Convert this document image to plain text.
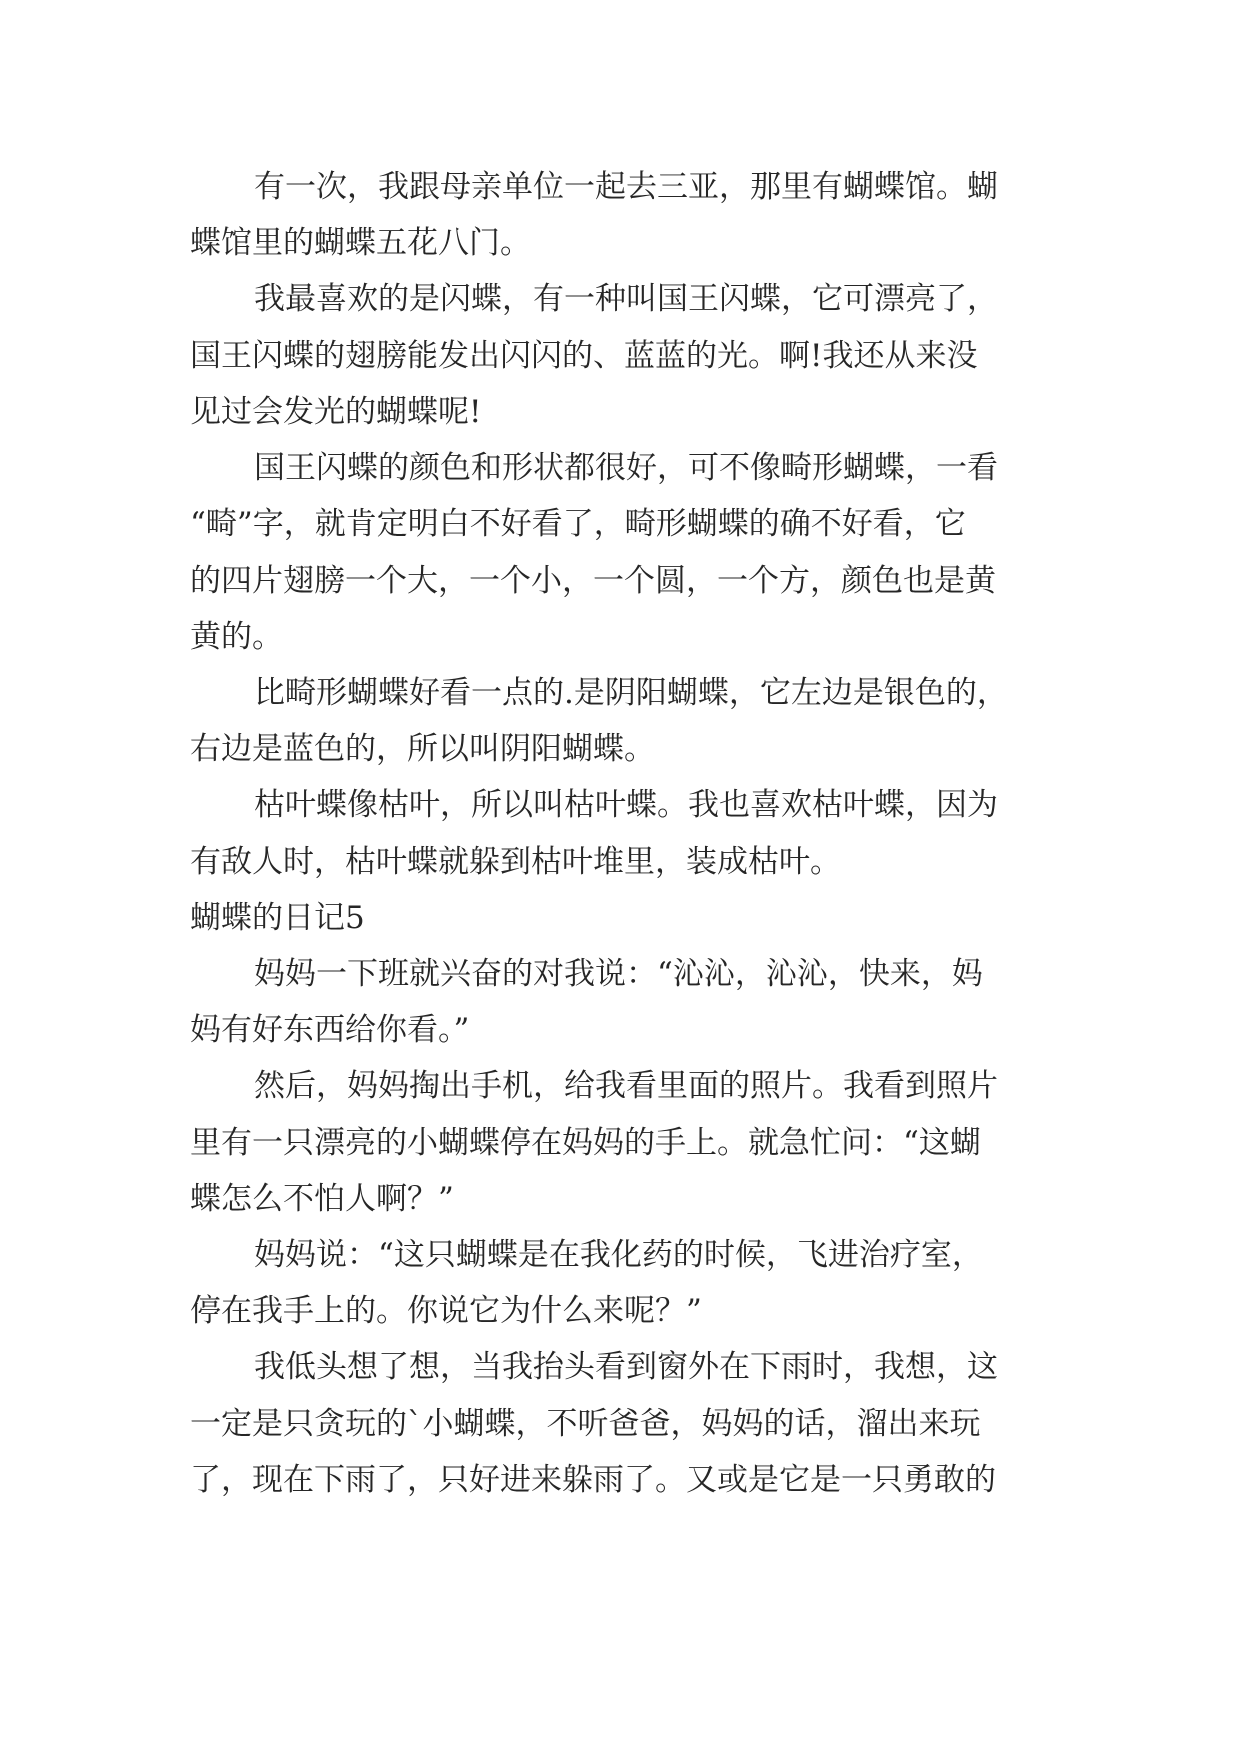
有一次，我跟母亲单位一起去三亚，那里有蝴蝶馆。蝴

蝶馆里的蝴蝶五花八门。

我最喜欢的是闪蝶，有一种叫国王闪蝶，它可漂亮了，

国王闪蝶的翅膀能发出闪闪的、蓝蓝的光。啊!我还从来没

见过会发光的蝴蝶呢!

国王闪蝶的颜色和形状都很好，可不像畸形蝴蝶，一看

“畸”字，就肯定明白不好看了，畸形蝴蝶的确不好看，它

的四片翅膀一个大，一个小，一个圆，一个方，颜色也是黄

黄的。

比畸形蝴蝶好看一点的.是阴阳蝴蝶，它左边是银色的，

右边是蓝色的，所以叫阴阳蝴蝶。

枯叶蝶像枯叶，所以叫枯叶蝶。我也喜欢枯叶蝶，因为

有敌人时，枯叶蝶就躲到枯叶堆里，装成枯叶。

蝴蝶的日记5

妈妈一下班就兴奋的对我说：“沁沁，沁沁，快来，妈

妈有好东西给你看。”

然后，妈妈掏出手机，给我看里面的照片。我看到照片

里有一只漂亮的小蝴蝶停在妈妈的手上。就急忙问：“这蝴

蝶怎么不怕人啊？”

妈妈说：“这只蝴蝶是在我化药的时候，飞进治疗室，

停在我手上的。你说它为什么来呢？”

我低头想了想，当我抬头看到窗外在下雨时，我想，这

一定是只贪玩的`小蝴蝶，不听爸爸，妈妈的话，溜出来玩

了，现在下雨了，只好进来躲雨了。又或是它是一只勇敢的
